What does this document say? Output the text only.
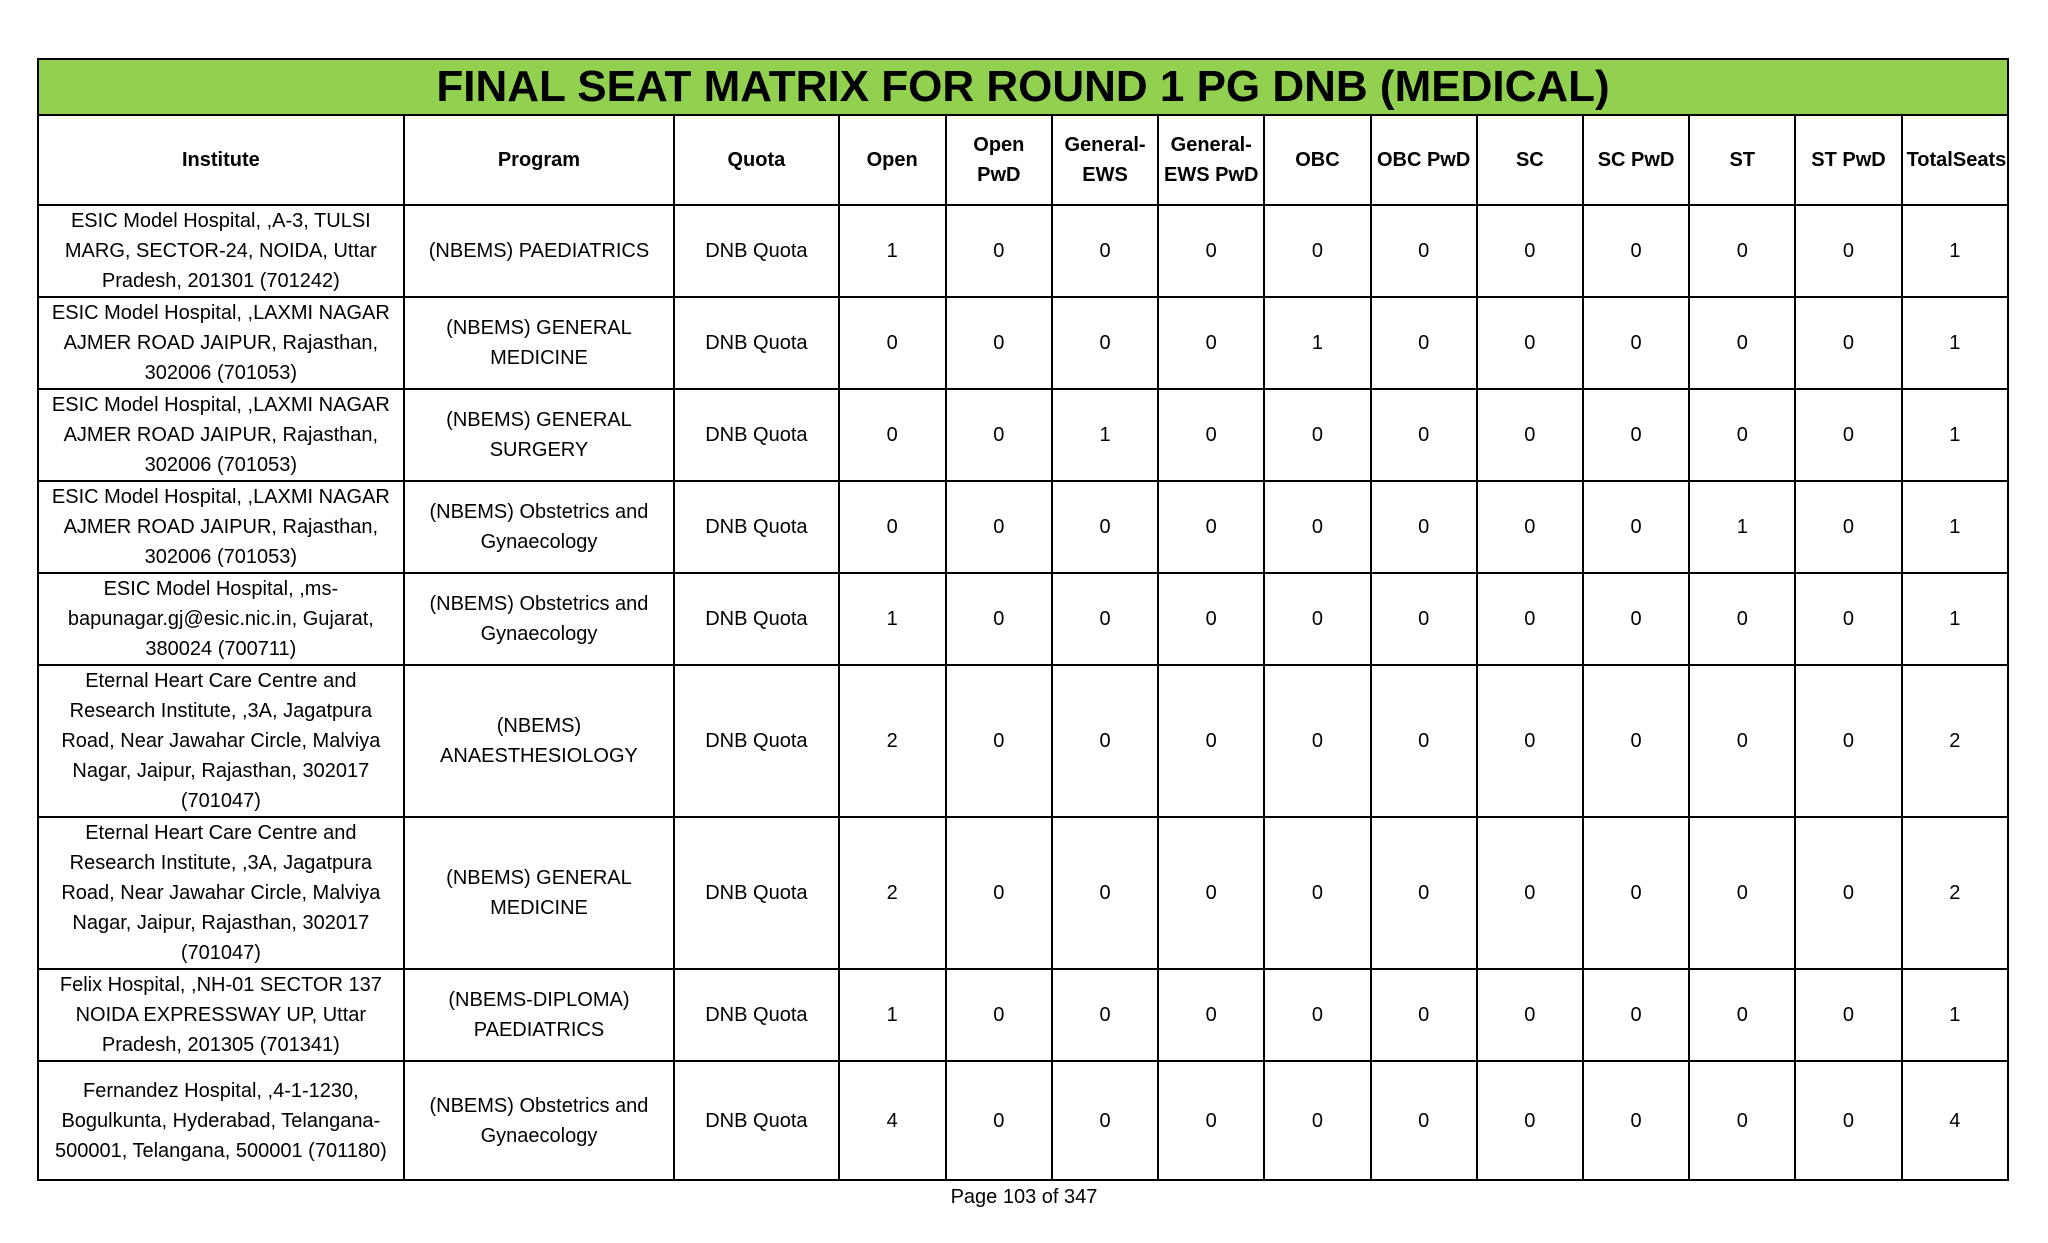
FINAL SEAT MATRIX FOR ROUND 1 PG DNB (MEDICAL)													
Institute	Program	Quota	Open	Open PwD	General-EWS	General-EWS PwD	OBC	OBC PwD	SC	SC PwD	ST	ST PwD	TotalSeats
ESIC Model Hospital, ,A-3, TULSI MARG, SECTOR-24, NOIDA, Uttar Pradesh, 201301 (701242)	(NBEMS) PAEDIATRICS	DNB Quota	1	0	0	0	0	0	0	0	0	0	1
ESIC Model Hospital, ,LAXMI NAGAR AJMER ROAD JAIPUR, Rajasthan, 302006 (701053)	(NBEMS) GENERAL MEDICINE	DNB Quota	0	0	0	0	1	0	0	0	0	0	1
ESIC Model Hospital, ,LAXMI NAGAR AJMER ROAD JAIPUR, Rajasthan, 302006 (701053)	(NBEMS) GENERAL SURGERY	DNB Quota	0	0	1	0	0	0	0	0	0	0	1
ESIC Model Hospital, ,LAXMI NAGAR AJMER ROAD JAIPUR, Rajasthan, 302006 (701053)	(NBEMS) Obstetrics and Gynaecology	DNB Quota	0	0	0	0	0	0	0	0	1	0	1
ESIC Model Hospital, ,ms-bapunagar.gj@esic.nic.in, Gujarat, 380024 (700711)	(NBEMS) Obstetrics and Gynaecology	DNB Quota	1	0	0	0	0	0	0	0	0	0	1
Eternal Heart Care Centre and Research Institute, ,3A, Jagatpura Road, Near Jawahar Circle, Malviya Nagar, Jaipur, Rajasthan, 302017 (701047)	(NBEMS) ANAESTHESIOLOGY	DNB Quota	2	0	0	0	0	0	0	0	0	0	2
Eternal Heart Care Centre and Research Institute, ,3A, Jagatpura Road, Near Jawahar Circle, Malviya Nagar, Jaipur, Rajasthan, 302017 (701047)	(NBEMS) GENERAL MEDICINE	DNB Quota	2	0	0	0	0	0	0	0	0	0	2
Felix Hospital, ,NH-01 SECTOR 137 NOIDA EXPRESSWAY UP, Uttar Pradesh, 201305 (701341)	(NBEMS-DIPLOMA) PAEDIATRICS	DNB Quota	1	0	0	0	0	0	0	0	0	0	1
Fernandez Hospital, ,4-1-1230, Bogulkunta, Hyderabad, Telangana-500001, Telangana, 500001 (701180)	(NBEMS) Obstetrics and Gynaecology	DNB Quota	4	0	0	0	0	0	0	0	0	0	4
Page 103 of 347
